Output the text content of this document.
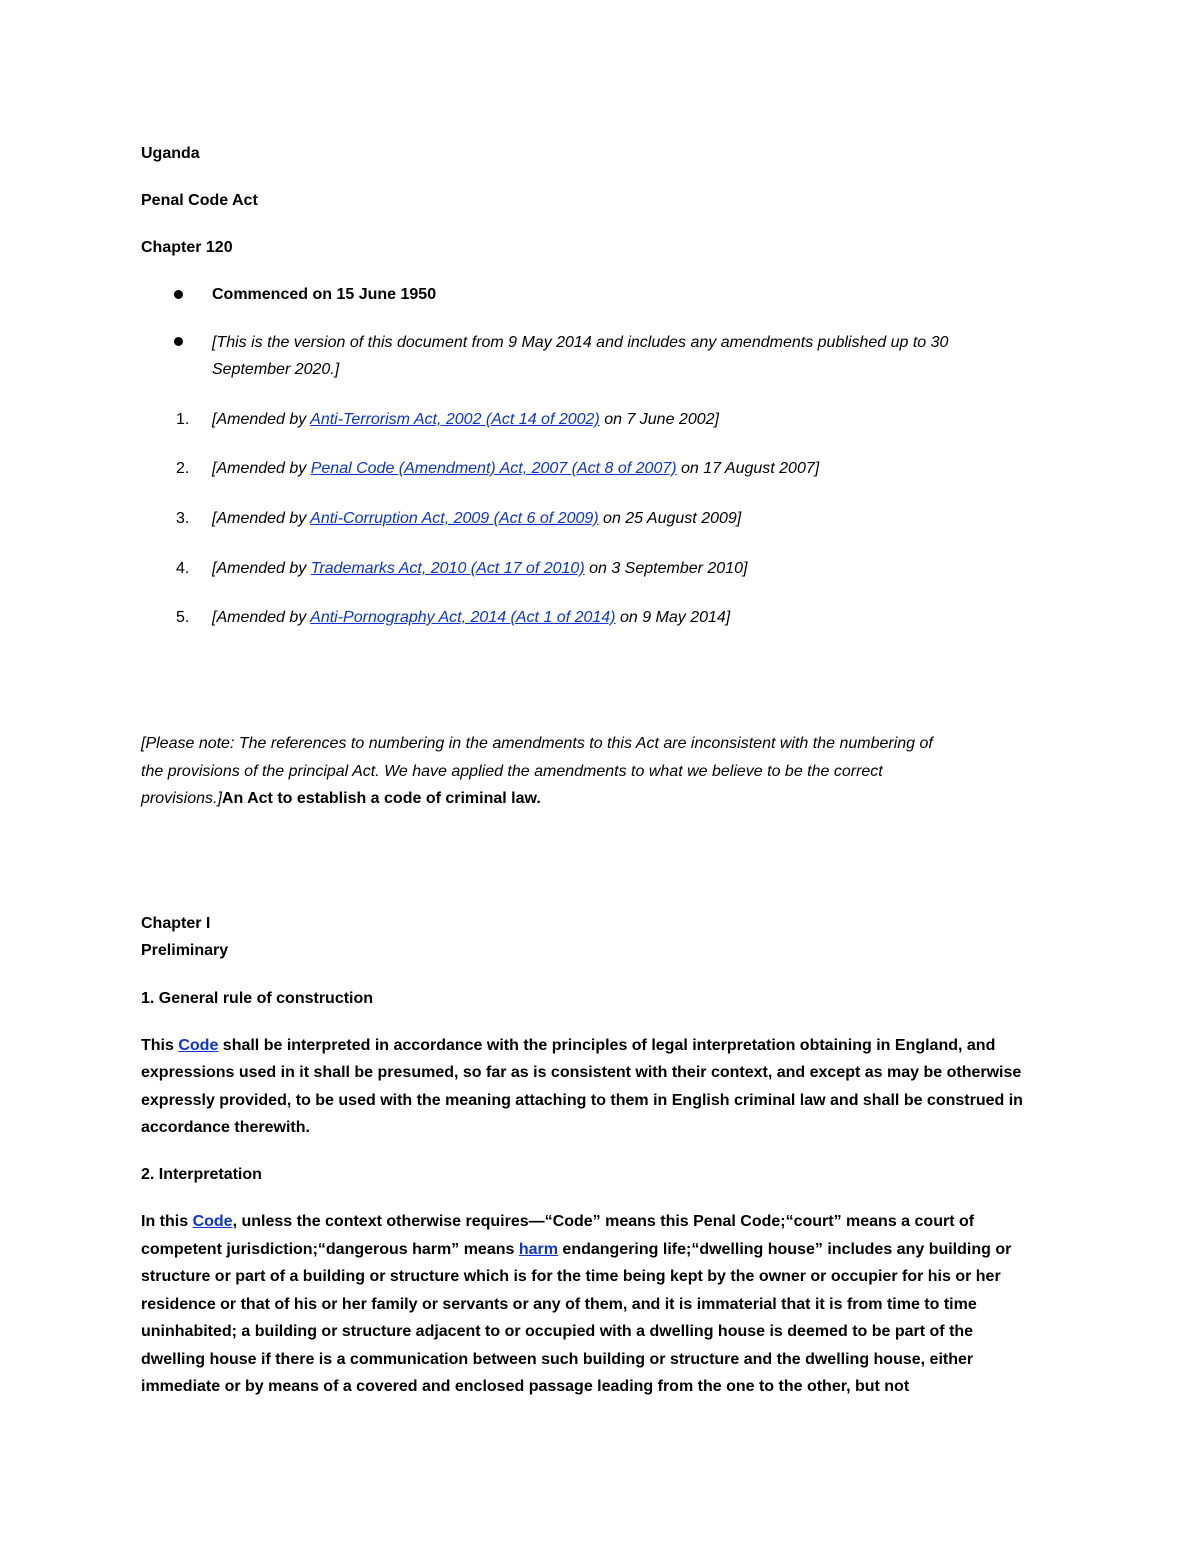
Uganda

Penal Code Act

Chapter 120

Commenced on 15 June 1950

[This is the version of this document from 9 May 2014 and includes any amendments published up to 30

September 2020.]

1. [Amended by Anti-Terrorism Act, 2002 (Act 14 of 2002) on 7 June 2002]
2. [Amended by Penal Code (Amendment) Act, 2007 (Act 8 of 2007) on 17 August 2007]
3. [Amended by Anti-Corruption Act, 2009 (Act 6 of 2009) on 25 August 2009]
4. [Amended by Trademarks Act, 2010 (Act 17 of 2010) on 3 September 2010]
5. [Amended by Anti-Pornography Act, 2014 (Act 1 of 2014) on 9 May 2014]

[Please note: The references to numbering in the amendments to this Act are inconsistent with the numbering of

the provisions of the principal Act. We have applied the amendments to what we believe to be the correct

provisions.]An Act to establish a code of criminal law.

Chapter I

Preliminary

1. General rule of construction

This Code shall be interpreted in accordance with the principles of legal interpretation obtaining in England, and

expressions used in it shall be presumed, so far as is consistent with their context, and except as may be otherwise

expressly provided, to be used with the meaning attaching to them in English criminal law and shall be construed in

accordance therewith.

2. Interpretation

In this Code, unless the context otherwise requires—“Code” means this Penal Code;“court” means a court of

competent jurisdiction;“dangerous harm” means harm endangering life;“dwelling house” includes any building or

structure or part of a building or structure which is for the time being kept by the owner or occupier for his or her

residence or that of his or her family or servants or any of them, and it is immaterial that it is from time to time

uninhabited; a building or structure adjacent to or occupied with a dwelling house is deemed to be part of the

dwelling house if there is a communication between such building or structure and the dwelling house, either

immediate or by means of a covered and enclosed passage leading from the one to the other, but not
